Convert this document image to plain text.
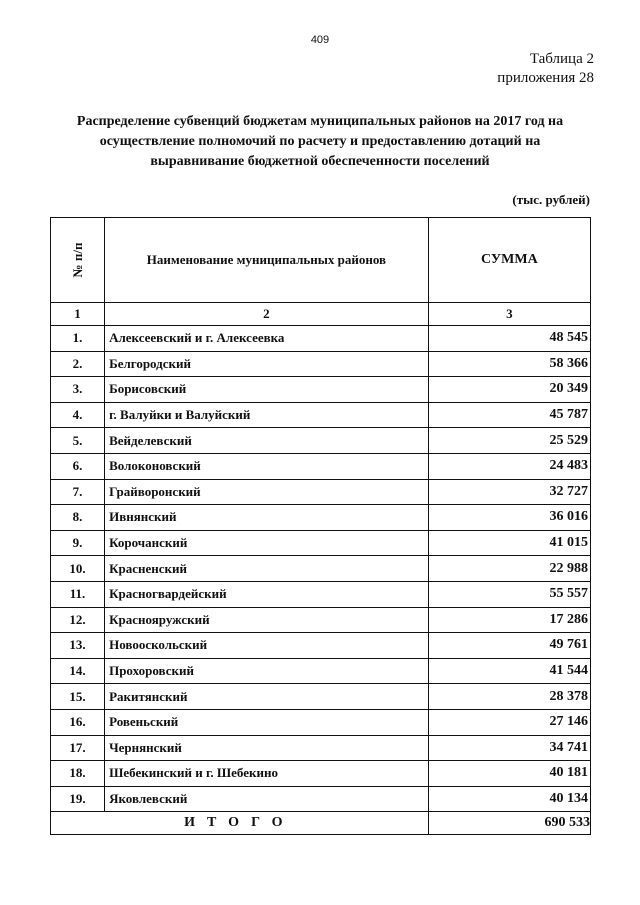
409
Таблица 2
приложения 28
Распределение субвенций бюджетам муниципальных районов на 2017 год на
осуществление полномочий по расчету и предоставлению дотаций на
выравнивание бюджетной обеспеченности поселений
(тыс. рублей)
№ п/п	Наименование муниципальных районов	СУММА
1	2	3
1.	Алексеевский и г. Алексеевка	48 545
2.	Белгородский	58 366
3.	Борисовский	20 349
4.	г. Валуйки и Валуйский	45 787
5.	Вейделевский	25 529
6.	Волоконовский	24 483
7.	Грайворонский	32 727
8.	Ивнянский	36 016
9.	Корочанский	41 015
10.	Красненский	22 988
11.	Красногвардейский	55 557
12.	Краснояружский	17 286
13.	Новооскольский	49 761
14.	Прохоровский	41 544
15.	Ракитянский	28 378
16.	Ровеньский	27 146
17.	Чернянский	34 741
18.	Шебекинский и г. Шебекино	40 181
19.	Яковлевский	40 134
ИТОГО		690 533
